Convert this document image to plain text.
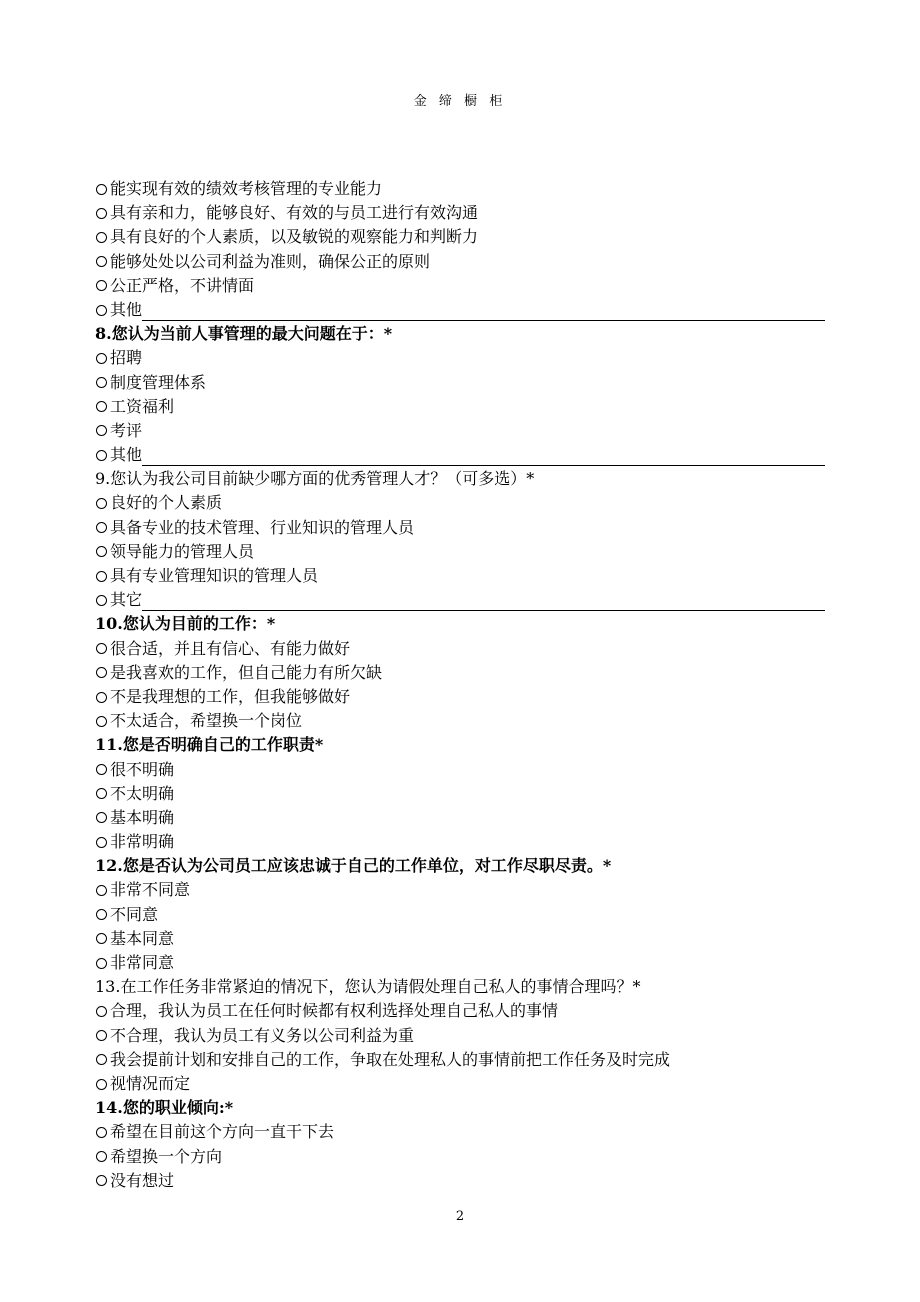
金 缔 橱 柜
能实现有效的绩效考核管理的专业能力
具有亲和力，能够良好、有效的与员工进行有效沟通
具有良好的个人素质，以及敏锐的观察能力和判断力
能够处处以公司利益为准则，确保公正的原则
公正严格，不讲情面
其他
8.您认为当前人事管理的最大问题在于：*
招聘
制度管理体系
工资福利
考评
其他
9.您认为我公司目前缺少哪方面的优秀管理人才？（可多选）*
良好的个人素质
具备专业的技术管理、行业知识的管理人员
领导能力的管理人员
具有专业管理知识的管理人员
其它
10.您认为目前的工作：*
很合适，并且有信心、有能力做好
是我喜欢的工作，但自己能力有所欠缺
不是我理想的工作，但我能够做好
不太适合，希望换一个岗位
11.您是否明确自己的工作职责*
很不明确
不太明确
基本明确
非常明确
12.您是否认为公司员工应该忠诚于自己的工作单位，对工作尽职尽责。*
非常不同意
不同意
基本同意
非常同意
13.在工作任务非常紧迫的情况下，您认为请假处理自己私人的事情合理吗？*
合理，我认为员工在任何时候都有权利选择处理自己私人的事情
不合理，我认为员工有义务以公司利益为重
我会提前计划和安排自己的工作，争取在处理私人的事情前把工作任务及时完成
视情况而定
14.您的职业倾向:*
希望在目前这个方向一直干下去
希望换一个方向
没有想过
2
